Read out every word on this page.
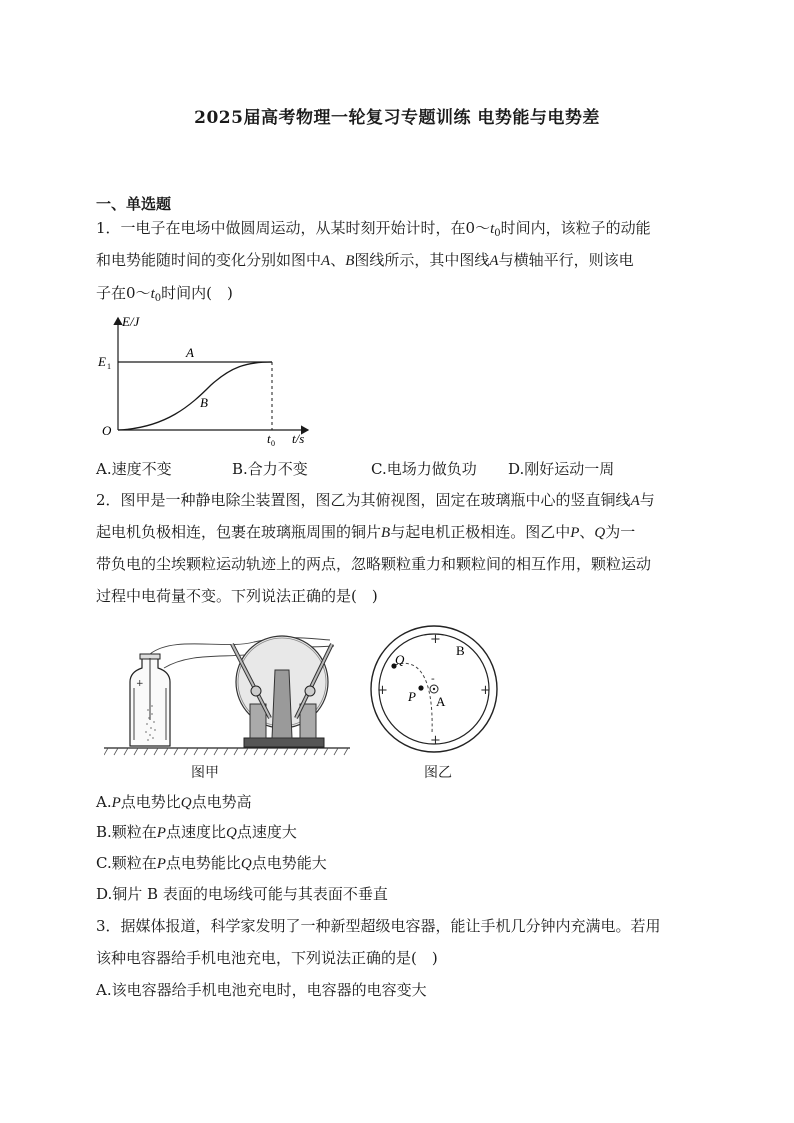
2025届高考物理一轮复习专题训练 电势能与电势差
一、单选题
1．一电子在电场中做圆周运动，从某时刻开始计时，在$0\sim t_0$时间内，该粒子的动能
和电势能随时间的变化分别如图中A、B图线所示，其中图线A与横轴平行，则该电
子在$0\sim t_0$时间内(　)
E/J
E 1
O
t 0 t/s
A
B
A.速度不变	B.合力不变	C.电场力做负功 D.刚好运动一周
2．图甲是一种静电除尘装置图，图乙为其俯视图，固定在玻璃瓶中心的竖直铜线A与
起电机负极相连，包裹在玻璃瓶周围的铜片B与起电机正极相连。图乙中P、Q为一
带负电的尘埃颗粒运动轨迹上的两点，忽略颗粒重力和颗粒间的相互作用，颗粒运动
过程中电荷量不变。下列说法正确的是(　)
+
图甲
+
+
+	+
B
Q
P
-
A
图乙
A.P点电势比Q点电势高
B.颗粒在P点速度比Q点速度大
C.颗粒在P点电势能比Q点电势能大
D.铜片 B 表面的电场线可能与其表面不垂直
3．据媒体报道，科学家发明了一种新型超级电容器，能让手机几分钟内充满电。若用
该种电容器给手机电池充电，下列说法正确的是(　)
A.该电容器给手机电池充电时，电容器的电容变大
